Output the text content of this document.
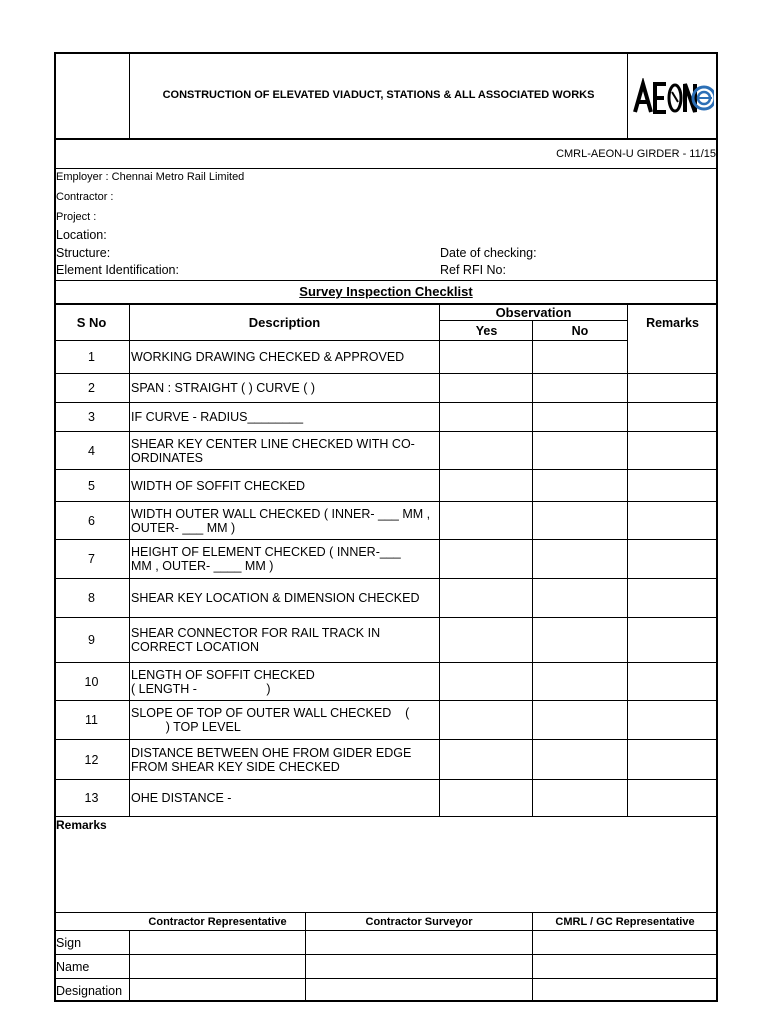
CONSTRUCTION OF ELEVATED VIADUCT, STATIONS & ALL ASSOCIATED WORKS
AEON
CMRL-AEON-U GIRDER - 11/15
Employer : Chennai Metro Rail Limited
Contractor :
Project :
Location:
Structure:
Element Identification:
Date of checking:
Ref RFI No:
Survey Inspection Checklist
S No	Description
Observation
Yes	No
Remarks
1	WORKING DRAWING CHECKED & APPROVED
2	SPAN : STRAIGHT ( ) CURVE ( )
3	IF CURVE - RADIUS________
4	SHEAR KEY CENTER LINE CHECKED WITH CO-
ORDINATES
5	WIDTH OF SOFFIT CHECKED
6	WIDTH OUTER WALL CHECKED ( INNER- ___ MM ,
OUTER- ___ MM )
7	HEIGHT OF ELEMENT CHECKED ( INNER-___
MM , OUTER- ____ MM )
8	SHEAR KEY LOCATION & DIMENSION CHECKED
9	SHEAR CONNECTOR FOR RAIL TRACK IN
CORRECT LOCATION
10	LENGTH OF SOFFIT CHECKED
( LENGTH -                    )
11	SLOPE OF TOP OF OUTER WALL CHECKED    (
) TOP LEVEL
12	DISTANCE BETWEEN OHE FROM GIDER EDGE
FROM SHEAR KEY SIDE CHECKED
13	OHE DISTANCE -
Remarks
Contractor Representative	Contractor Surveyor	CMRL / GC Representative
Sign
Name
Designation
